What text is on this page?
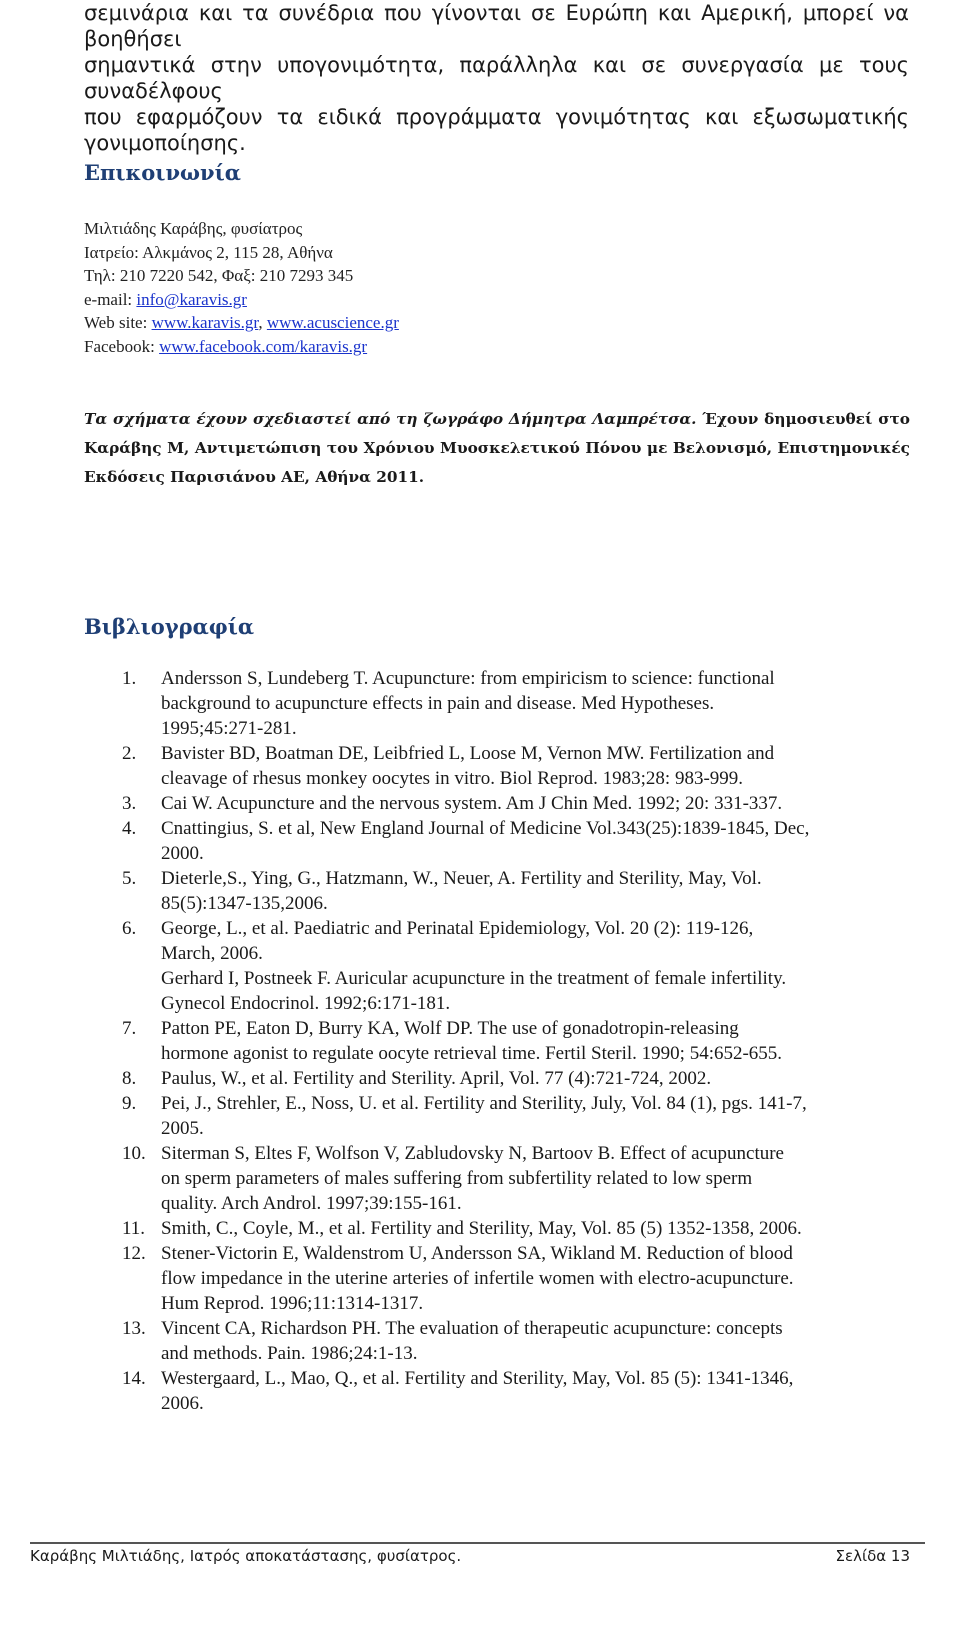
σεμινάρια και τα συνέδρια που γίνονται σε Ευρώπη και Αμερική, μπορεί να βοηθήσει
σημαντικά στην υπογονιμότητα, παράλληλα και σε συνεργασία με τους συναδέλφους
που εφαρμόζουν τα ειδικά προγράμματα γονιμότητας και εξωσωματικής
γονιμοποίησης.
Επικοινωνία
Μιλτιάδης Καράβης, φυσίατρος
Ιατρείο: Αλκμάνος 2, 115 28, Αθήνα
Τηλ: 210 7220 542, Φαξ: 210 7293 345
e-mail: info@karavis.gr
Web site: www.karavis.gr, www.acuscience.gr
Facebook: www.facebook.com/karavis.gr
Τα σχήματα έχουν σχεδιαστεί από τη ζωγράφο Δήμητρα Λαμπρέτσα. Έχουν δημοσιευθεί στο
Καράβης Μ, Αντιμετώπιση του Χρόνιου Μυοσκελετικού Πόνου με Βελονισμό, Επιστημονικές
Εκδόσεις Παρισιάνου ΑΕ, Αθήνα 2011.
Βιβλιογραφία
1.	Andersson S, Lundeberg T. Acupuncture: from empiricism to science: functional
background to acupuncture effects in pain and disease. Med Hypotheses.
1995;45:271-281.
2.	Bavister BD, Boatman DE, Leibfried L, Loose M, Vernon MW. Fertilization and
cleavage of rhesus monkey oocytes in vitro. Biol Reprod. 1983;28: 983-999.
3.	Cai W. Acupuncture and the nervous system. Am J Chin Med. 1992; 20: 331-337.
4.	Cnattingius, S. et al, New England Journal of Medicine Vol.343(25):1839-1845, Dec,
2000.
5.	Dieterle,S., Ying, G., Hatzmann, W., Neuer, A. Fertility and Sterility, May, Vol.
85(5):1347-135,2006.
6.	George, L., et al. Paediatric and Perinatal Epidemiology, Vol. 20 (2): 119-126,
March, 2006.
Gerhard I, Postneek F. Auricular acupuncture in the treatment of female infertility.
Gynecol Endocrinol. 1992;6:171-181.
7.	Patton PE, Eaton D, Burry KA, Wolf DP. The use of gonadotropin-releasing
hormone agonist to regulate oocyte retrieval time. Fertil Steril. 1990; 54:652-655.
8.	Paulus, W., et al. Fertility and Sterility. April, Vol. 77 (4):721-724, 2002.
9.	Pei, J., Strehler, E., Noss, U. et al. Fertility and Sterility, July, Vol. 84 (1), pgs. 141-7,
2005.
10. Siterman S, Eltes F, Wolfson V, Zabludovsky N, Bartoov B. Effect of acupuncture
on sperm parameters of males suffering from subfertility related to low sperm
quality. Arch Androl. 1997;39:155-161.
11. Smith, C., Coyle, M., et al. Fertility and Sterility, May, Vol. 85 (5) 1352-1358, 2006.
12. Stener-Victorin E, Waldenstrom U, Andersson SA, Wikland M. Reduction of blood
flow impedance in the uterine arteries of infertile women with electro-acupuncture.
Hum Reprod. 1996;11:1314-1317.
13. Vincent CA, Richardson PH. The evaluation of therapeutic acupuncture: concepts
and methods. Pain. 1986;24:1-13.
14. Westergaard, L., Mao, Q., et al. Fertility and Sterility, May, Vol. 85 (5): 1341-1346,
2006.
Καράβης Μιλτιάδης, Ιατρός αποκατάστασης, φυσίατρος.	Σελίδα 13
